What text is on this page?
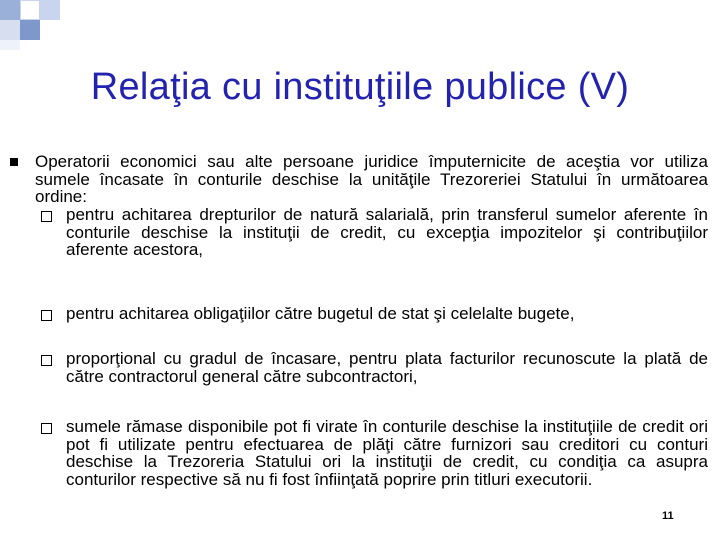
Relaţia cu instituţiile publice (V)
Operatorii economici sau alte persoane juridice împuternicite de aceştia vor utiliza sumele încasate în conturile deschise la unităţile Trezoreriei Statului în următoarea ordine:
pentru achitarea drepturilor de natură salarială, prin transferul sumelor aferente în conturile deschise la instituţii de credit, cu excepţia impozitelor şi contribuţiilor aferente acestora,
pentru achitarea obligaţiilor către bugetul de stat şi celelalte bugete,
proporţional cu gradul de încasare, pentru plata facturilor recunoscute la plată de către contractorul general către subcontractori,
sumele rămase disponibile pot fi virate în conturile deschise la instituţiile de credit ori pot fi utilizate pentru efectuarea de plăţi către furnizori sau creditori cu conturi deschise la Trezoreria Statului ori la instituţii de credit, cu condiţia ca asupra conturilor respective să nu fi fost înfiinţată poprire prin titluri executorii.
11
